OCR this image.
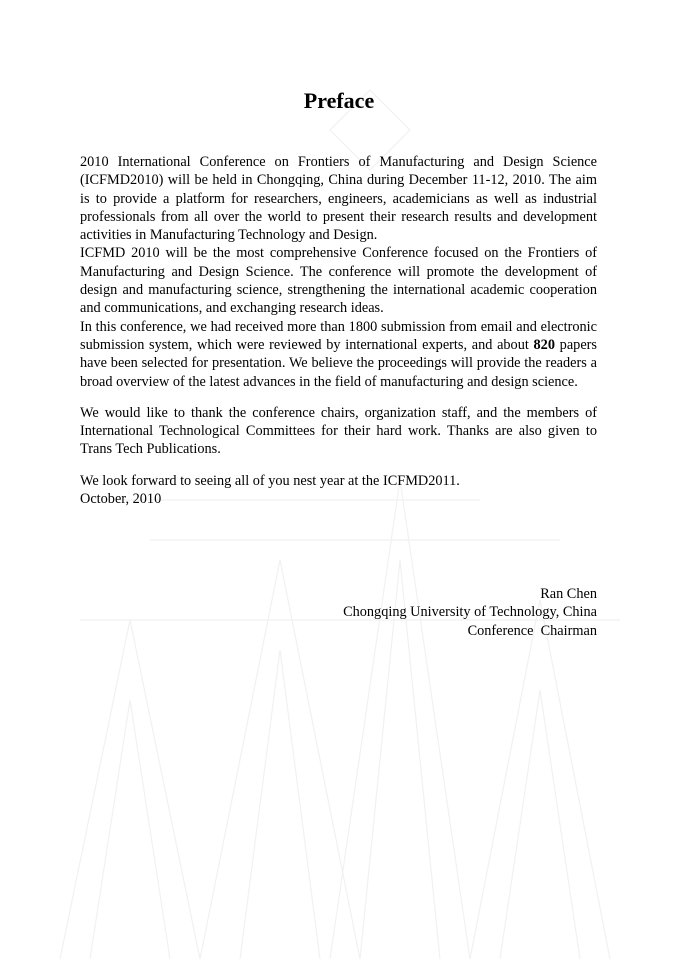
Preface

2010 International Conference on Frontiers of Manufacturing and Design Science (ICFMD2010) will be held in Chongqing, China during December 11-12, 2010. The aim is to provide a platform for researchers, engineers, academicians as well as industrial professionals from all over the world to present their research results and development activities in Manufacturing Technology and Design.

ICFMD 2010 will be the most comprehensive Conference focused on the Frontiers of Manufacturing and Design Science. The conference will promote the development of design and manufacturing science, strengthening the international academic cooperation and communications, and exchanging research ideas.

In this conference, we had received more than 1800 submission from email and electronic submission system, which were reviewed by international experts, and about 820 papers have been selected for presentation. We believe the proceedings will provide the readers a broad overview of the latest advances in the field of manufacturing and design science.

We would like to thank the conference chairs, organization staff, and the members of International Technological Committees for their hard work. Thanks are also given to Trans Tech Publications.

We look forward to seeing all of you nest year at the ICFMD2011.

October, 2010

Ran Chen
Chongqing University of Technology, China
Conference  Chairman
